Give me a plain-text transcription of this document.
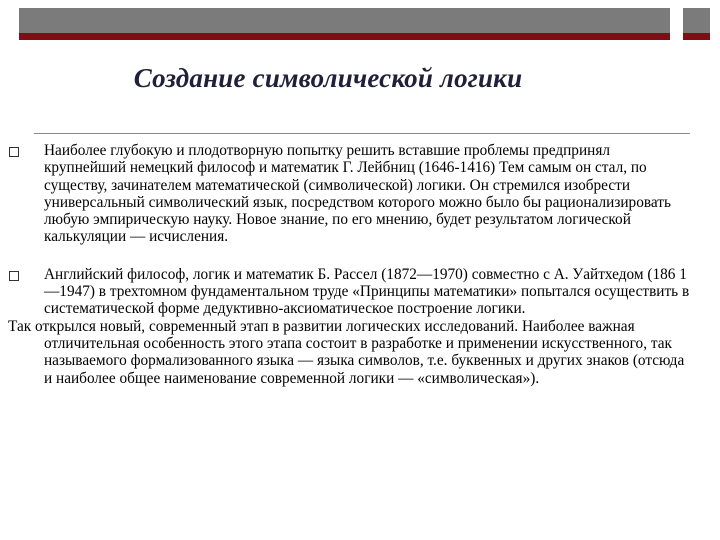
Создание символической логики

Наиболее глубокую и плодотворную попытку решить вставшие проблемы предпринял крупнейший немецкий философ и математик Г. Лейбниц (1646-1416) Тем самым он стал, по существу, зачинателем математической (символической) логики. Он стремился изобрести универсальный символический язык, посредством которого можно было бы рационализировать любую эмпирическую науку. Новое знание, по его мнению, будет результатом логической калькуляции — исчисления.

Английский философ, логик и математик Б. Рассел (1872—1970) совместно с А. Уайтхедом (186 1—1947) в трехтомном фундаментальном труде «Принципы математики» попытался осуществить в систематической форме дедуктивно-аксиоматическое построение логики.

Так открылся новый, современный этап в развитии логических исследований. Наиболее важная отличительная особенность этого этапа состоит в разработке и применении искусственного, так называемого формализованного языка — языка символов, т.е. буквенных и других знаков (отсюда и наиболее общее наименование современной логики — «символическая»).
